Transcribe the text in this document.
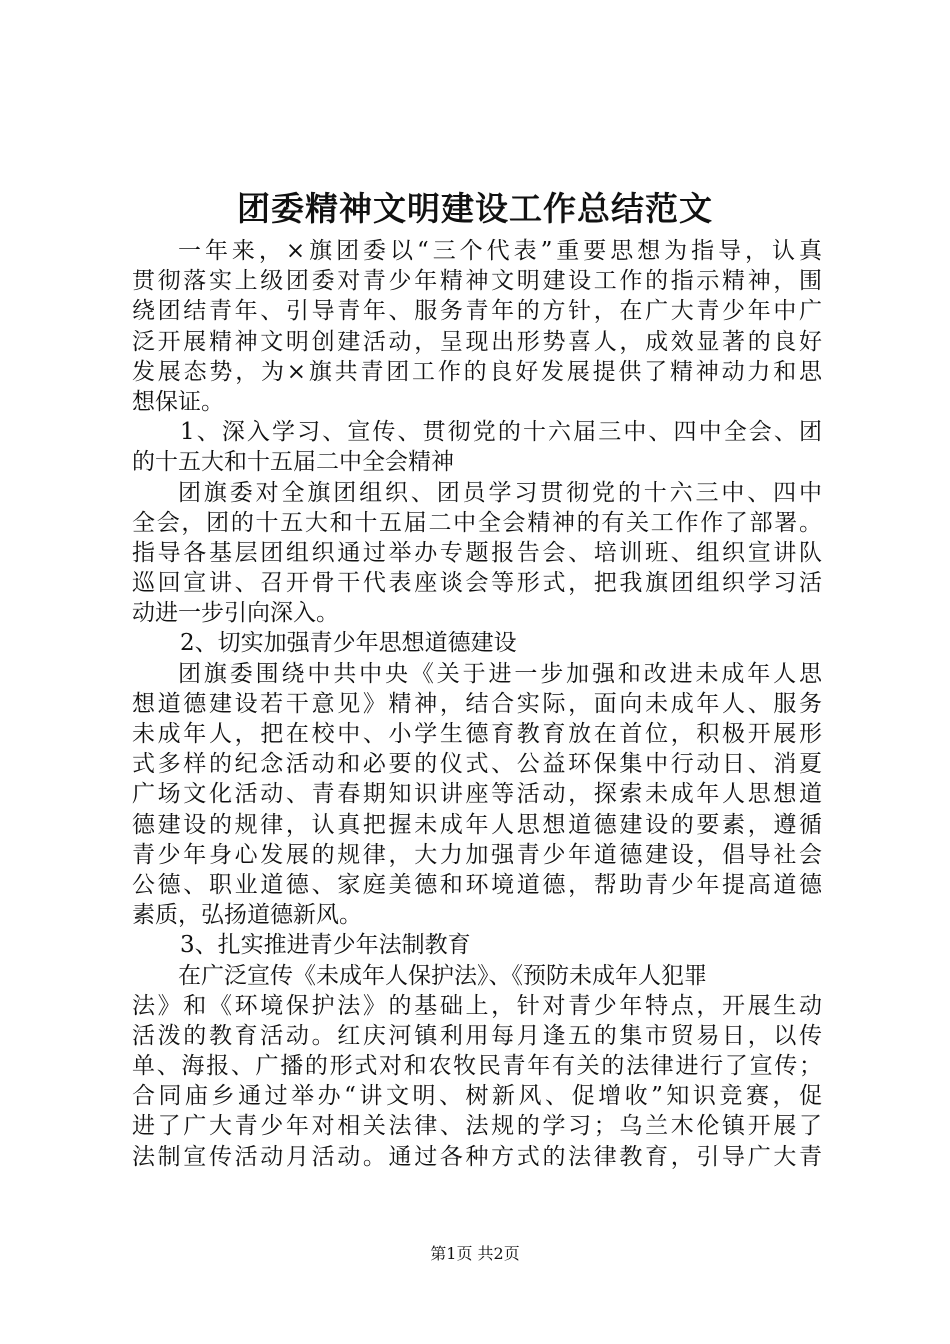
团委精神文明建设工作总结范文
一年来，×旗团委以“三个代表”重要思想为指导，认真
贯彻落实上级团委对青少年精神文明建设工作的指示精神，围
绕团结青年、引导青年、服务青年的方针，在广大青少年中广
泛开展精神文明创建活动，呈现出形势喜人，成效显著的良好
发展态势，为×旗共青团工作的良好发展提供了精神动力和思
想保证。
1、深入学习、宣传、贯彻党的十六届三中、四中全会、团
的十五大和十五届二中全会精神
团旗委对全旗团组织、团员学习贯彻党的十六三中、四中
全会，团的十五大和十五届二中全会精神的有关工作作了部署。
指导各基层团组织通过举办专题报告会、培训班、组织宣讲队
巡回宣讲、召开骨干代表座谈会等形式，把我旗团组织学习活
动进一步引向深入。
2、切实加强青少年思想道德建设
团旗委围绕中共中央《关于进一步加强和改进未成年人思
想道德建设若干意见》精神，结合实际，面向未成年人、服务
未成年人，把在校中、小学生德育教育放在首位，积极开展形
式多样的纪念活动和必要的仪式、公益环保集中行动日、消夏
广场文化活动、青春期知识讲座等活动，探索未成年人思想道
德建设的规律，认真把握未成年人思想道德建设的要素，遵循
青少年身心发展的规律，大力加强青少年道德建设，倡导社会
公德、职业道德、家庭美德和环境道德，帮助青少年提高道德
素质，弘扬道德新风。
3、扎实推进青少年法制教育
在广泛宣传《未成年人保护法》、《预防未成年人犯罪
法》和《环境保护法》的基础上，针对青少年特点，开展生动
活泼的教育活动。红庆河镇利用每月逢五的集市贸易日，以传
单、海报、广播的形式对和农牧民青年有关的法律进行了宣传；
合同庙乡通过举办“讲文明、树新风、促增收”知识竞赛，促
进了广大青少年对相关法律、法规的学习；乌兰木伦镇开展了
法制宣传活动月活动。通过各种方式的法律教育，引导广大青
第1页 共2页
